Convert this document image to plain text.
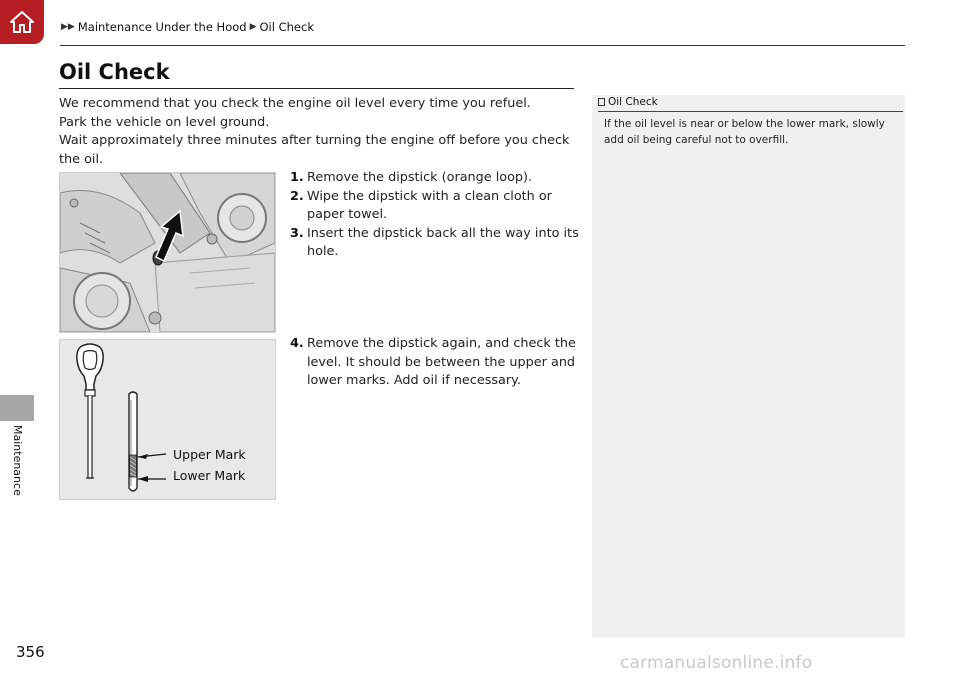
▶▶ Maintenance Under the Hood ▶ Oil Check
Maintenance
356
Oil Check

We recommend that you check the engine oil level every time you refuel.

Park the vehicle on level ground.

Wait approximately three minutes after turning the engine off before you check the oil.

1. Remove the dipstick (orange loop).
2. Wipe the dipstick with a clean cloth or paper towel.
3. Insert the dipstick back all the way into its hole.
4. Remove the dipstick again, and check the level. It should be between the upper and lower marks. Add oil if necessary.
Upper Mark
Lower Mark
Oil Check
If the oil level is near or below the lower mark, slowly add oil being careful not to overfill.
carmanualsonline.info
